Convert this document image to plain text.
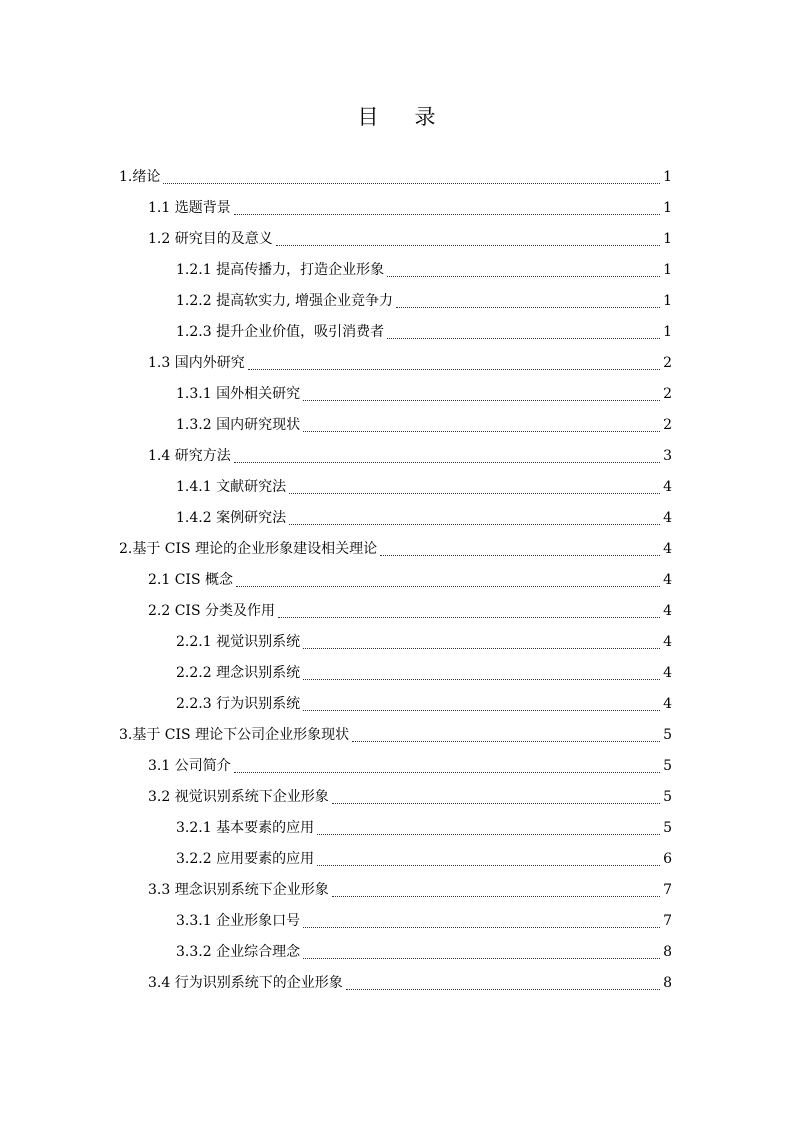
目 录
1.绪论	1
1.1 选题背景	1
1.2 研究目的及意义	1
1.2.1 提高传播力，打造企业形象	1
1.2.2 提高软实力, 增强企业竞争力	1
1.2.3 提升企业价值，吸引消费者	1
1.3 国内外研究	2
1.3.1 国外相关研究	2
1.3.2 国内研究现状	2
1.4 研究方法	3
1.4.1 文献研究法	4
1.4.2 案例研究法	4
2.基于 CIS 理论的企业形象建设相关理论	4
2.1 CIS 概念	4
2.2 CIS 分类及作用	4
2.2.1 视觉识别系统	4
2.2.2 理念识别系统	4
2.2.3 行为识别系统	4
3.基于 CIS 理论下公司企业形象现状	5
3.1 公司简介	5
3.2 视觉识别系统下企业形象	5
3.2.1 基本要素的应用	5
3.2.2 应用要素的应用	6
3.3 理念识别系统下企业形象	7
3.3.1 企业形象口号	7
3.3.2 企业综合理念	8
3.4 行为识别系统下的企业形象	8
